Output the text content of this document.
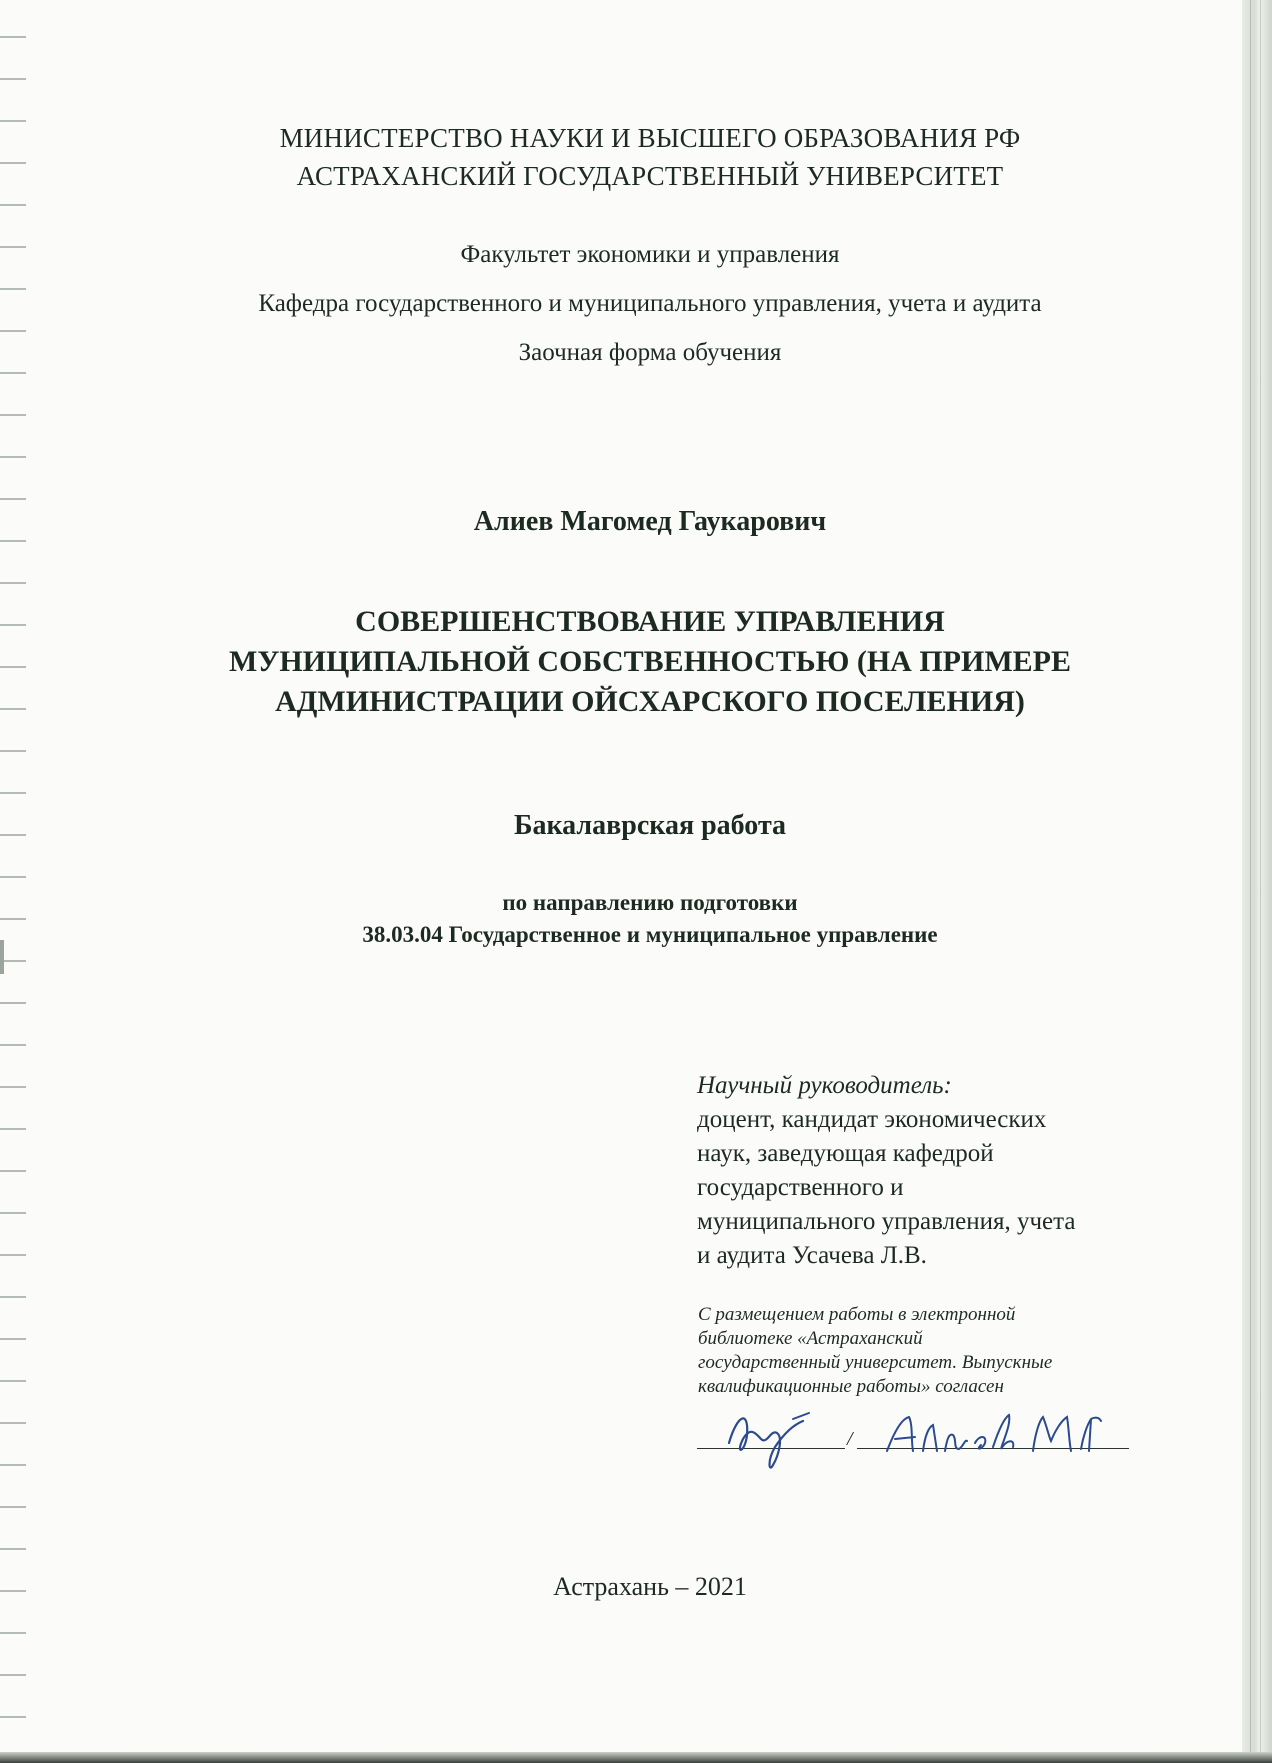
МИНИСТЕРСТВО НАУКИ И ВЫСШЕГО ОБРАЗОВАНИЯ РФ
АСТРАХАНСКИЙ ГОСУДАРСТВЕННЫЙ УНИВЕРСИТЕТ
Факультет экономики и управления
Кафедра государственного и муниципального управления, учета и аудита
Заочная форма обучения
Алиев Магомед Гаукарович
СОВЕРШЕНСТВОВАНИЕ УПРАВЛЕНИЯ
МУНИЦИПАЛЬНОЙ СОБСТВЕННОСТЬЮ (НА ПРИМЕРЕ
АДМИНИСТРАЦИИ ОЙСХАРСКОГО ПОСЕЛЕНИЯ)
Бакалаврская работа
по направлению подготовки
38.03.04 Государственное и муниципальное управление
Научный руководитель:
доцент, кандидат экономических
наук, заведующая кафедрой
государственного и
муниципального управления, учета
и аудита Усачева Л.В.
С размещением работы в электронной
библиотеке «Астраханский
государственный университет. Выпускные
квалификационные работы» согласен
/
Астрахань – 2021
